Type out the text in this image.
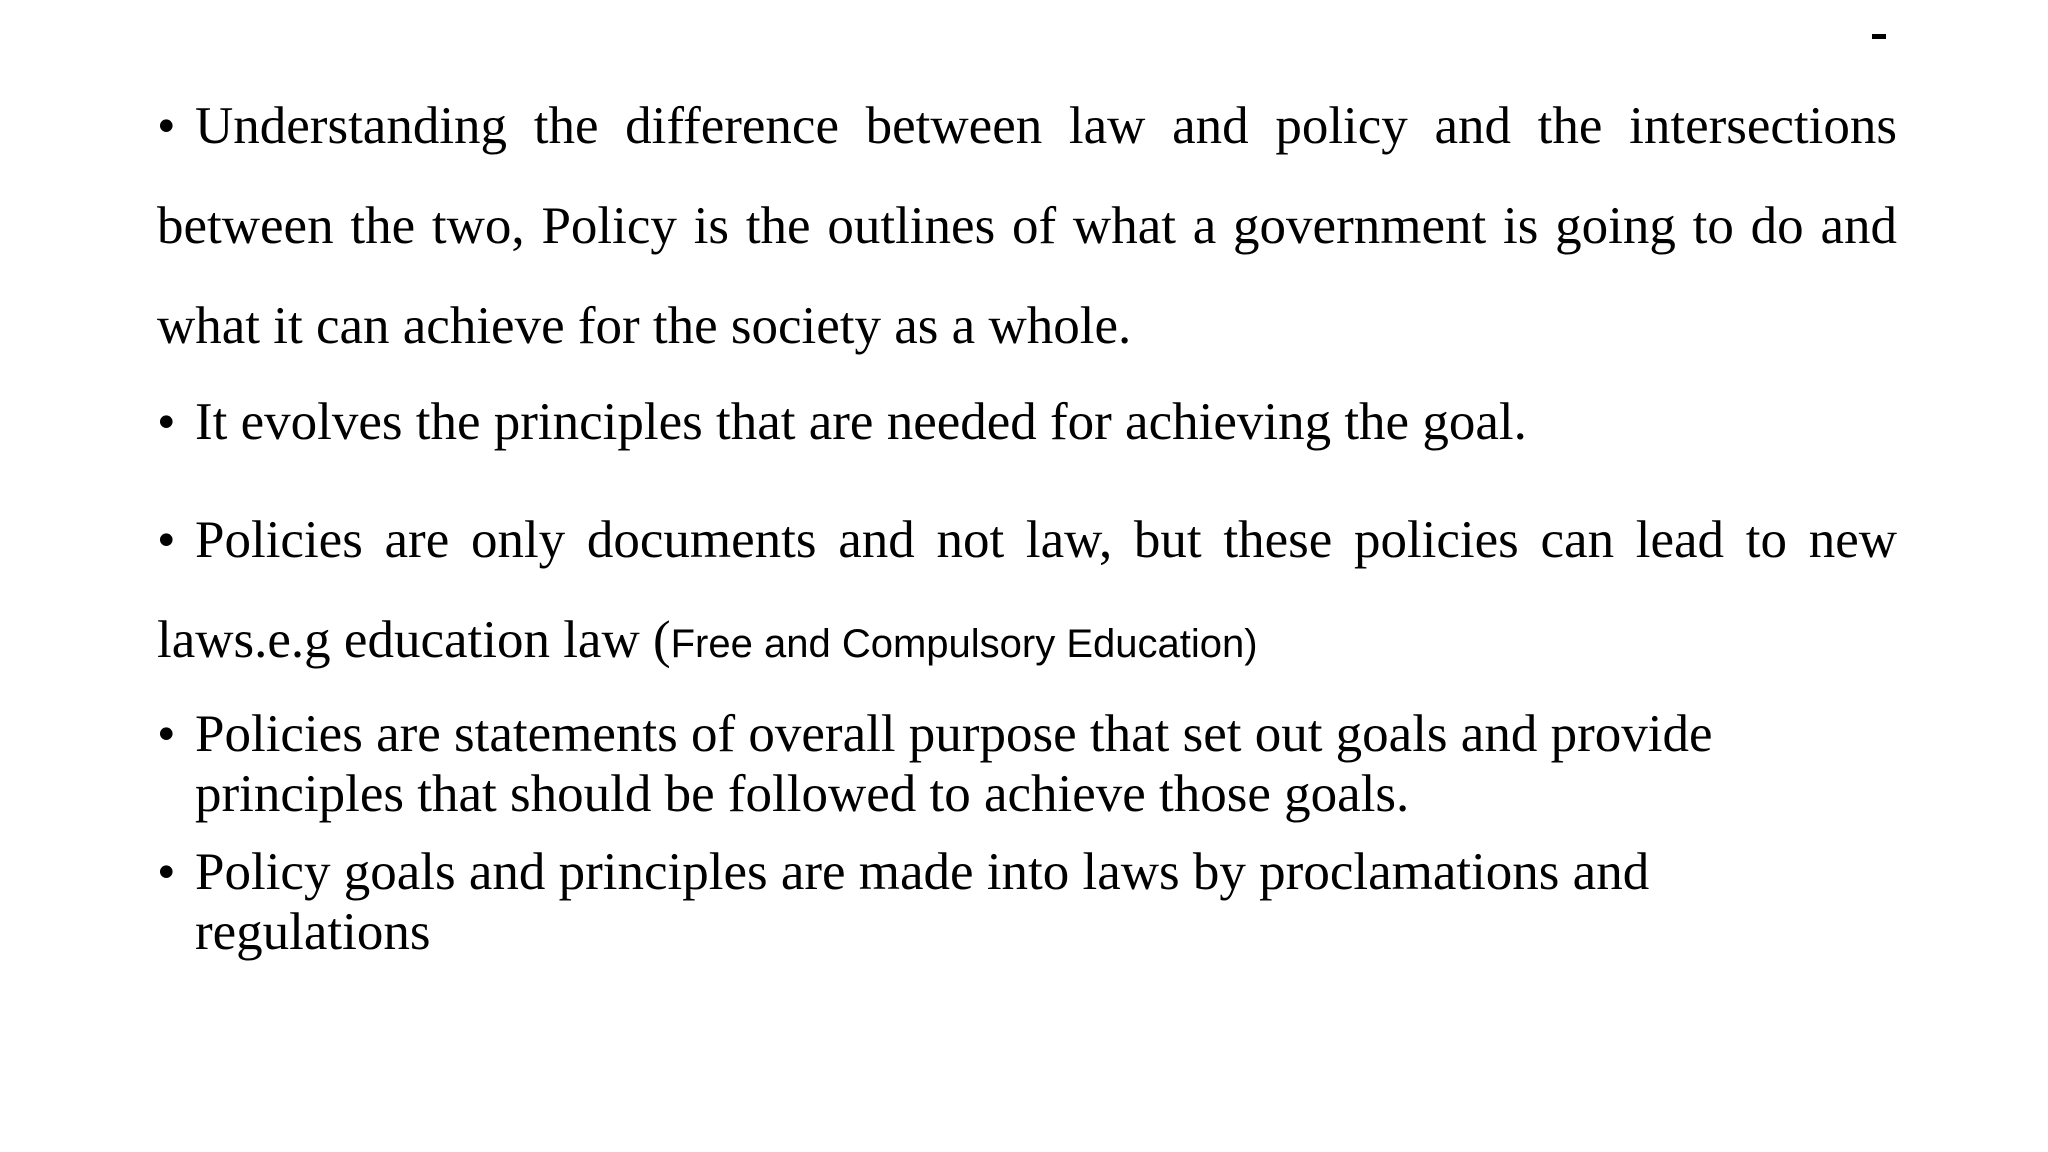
• Understanding the difference between law and policy and the intersections between the two, Policy is the outlines of what a government is going to do and what it can achieve for the society as a whole.
• It evolves the principles that are needed for achieving the goal.
• Policies are only documents and not law, but these policies can lead to new laws.e.g education law (Free and Compulsory Education)
• Policies are statements of overall purpose that set out goals and provide principles that should be followed to achieve those goals.
• Policy goals and principles are made into laws by proclamations and regulations
